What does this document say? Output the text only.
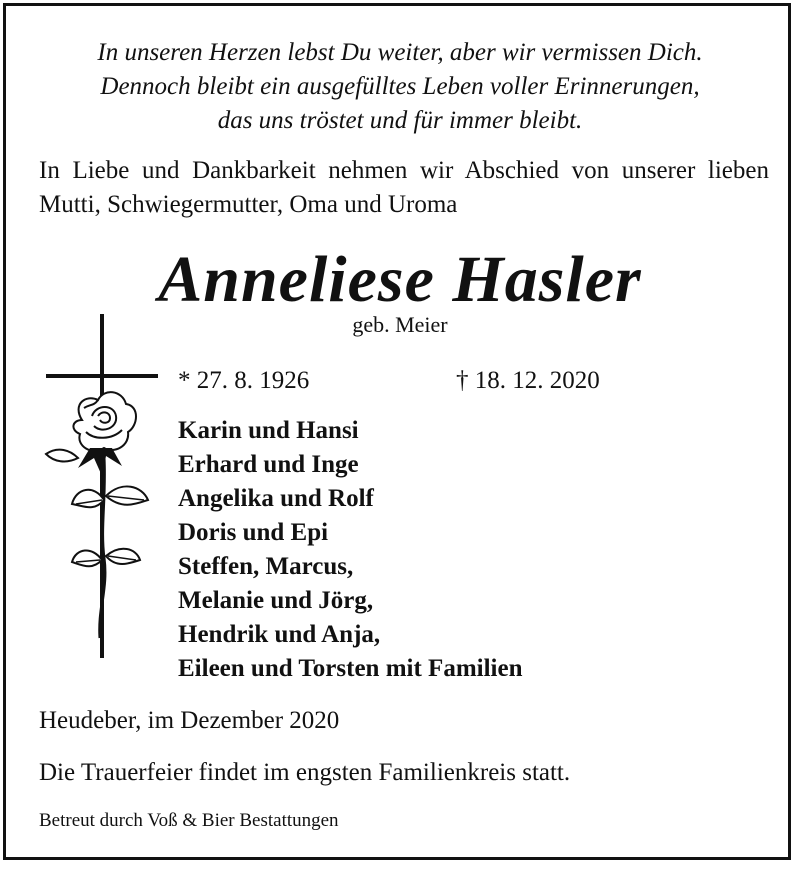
In unseren Herzen lebst Du weiter, aber wir vermissen Dich.
Dennoch bleibt ein ausgefülltes Leben voller Erinnerungen,
das uns tröstet und für immer bleibt.
In Liebe und Dankbarkeit nehmen wir Abschied von unserer lieben Mutti, Schwiegermutter, Oma und Uroma
Anneliese Hasler
geb. Meier
* 27. 8. 1926	† 18. 12. 2020
Karin und Hansi
Erhard und Inge
Angelika und Rolf
Doris und Epi
Steffen, Marcus,
Melanie und Jörg,
Hendrik und Anja,
Eileen und Torsten mit Familien
Heudeber, im Dezember 2020
Die Trauerfeier findet im engsten Familienkreis statt.
Betreut durch Voß & Bier Bestattungen
